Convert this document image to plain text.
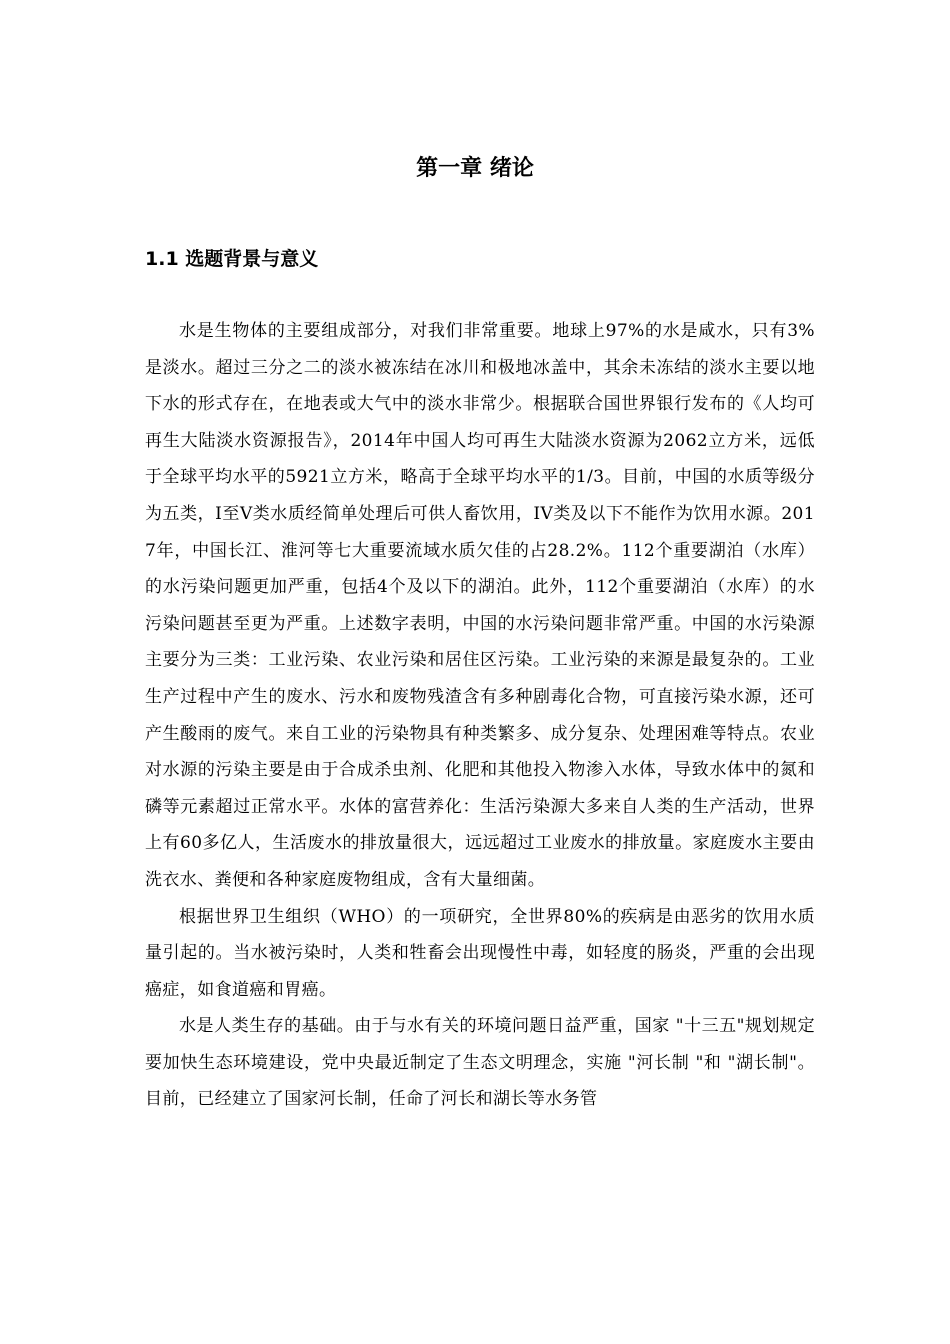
第一章 绪论
1.1 选题背景与意义

水是生物体的主要组成部分，对我们非常重要。地球上97%的水是咸水，只有3%是淡水。超过三分之二的淡水被冻结在冰川和极地冰盖中，其余未冻结的淡水主要以地下水的形式存在，在地表或大气中的淡水非常少。根据联合国世界银行发布的《人均可再生大陆淡水资源报告》，2014年中国人均可再生大陆淡水资源为2062立方米，远低于全球平均水平的5921立方米，略高于全球平均水平的1/3。目前，中国的水质等级分为五类，I至V类水质经简单处理后可供人畜饮用，IV类及以下不能作为饮用水源。2017年，中国长江、淮河等七大重要流域水质欠佳的占28.2%。112个重要湖泊（水库）的水污染问题更加严重，包括4个及以下的湖泊。此外，112个重要湖泊（水库）的水污染问题甚至更为严重。上述数字表明，中国的水污染问题非常严重。中国的水污染源主要分为三类：工业污染、农业污染和居住区污染。工业污染的来源是最复杂的。工业生产过程中产生的废水、污水和废物残渣含有多种剧毒化合物，可直接污染水源，还可产生酸雨的废气。来自工业的污染物具有种类繁多、成分复杂、处理困难等特点。农业对水源的污染主要是由于合成杀虫剂、化肥和其他投入物渗入水体，导致水体中的氮和磷等元素超过正常水平。水体的富营养化：生活污染源大多来自人类的生产活动，世界上有60多亿人，生活废水的排放量很大，远远超过工业废水的排放量。家庭废水主要由洗衣水、粪便和各种家庭废物组成，含有大量细菌。

根据世界卫生组织（WHO）的一项研究，全世界80%的疾病是由恶劣的饮用水质量引起的。当水被污染时，人类和牲畜会出现慢性中毒，如轻度的肠炎，严重的会出现癌症，如食道癌和胃癌。

水是人类生存的基础。由于与水有关的环境问题日益严重，国家 "十三五"规划规定要加快生态环境建设，党中央最近制定了生态文明理念，实施 "河长制 "和 "湖长制"。目前，已经建立了国家河长制，任命了河长和湖长等水务管
